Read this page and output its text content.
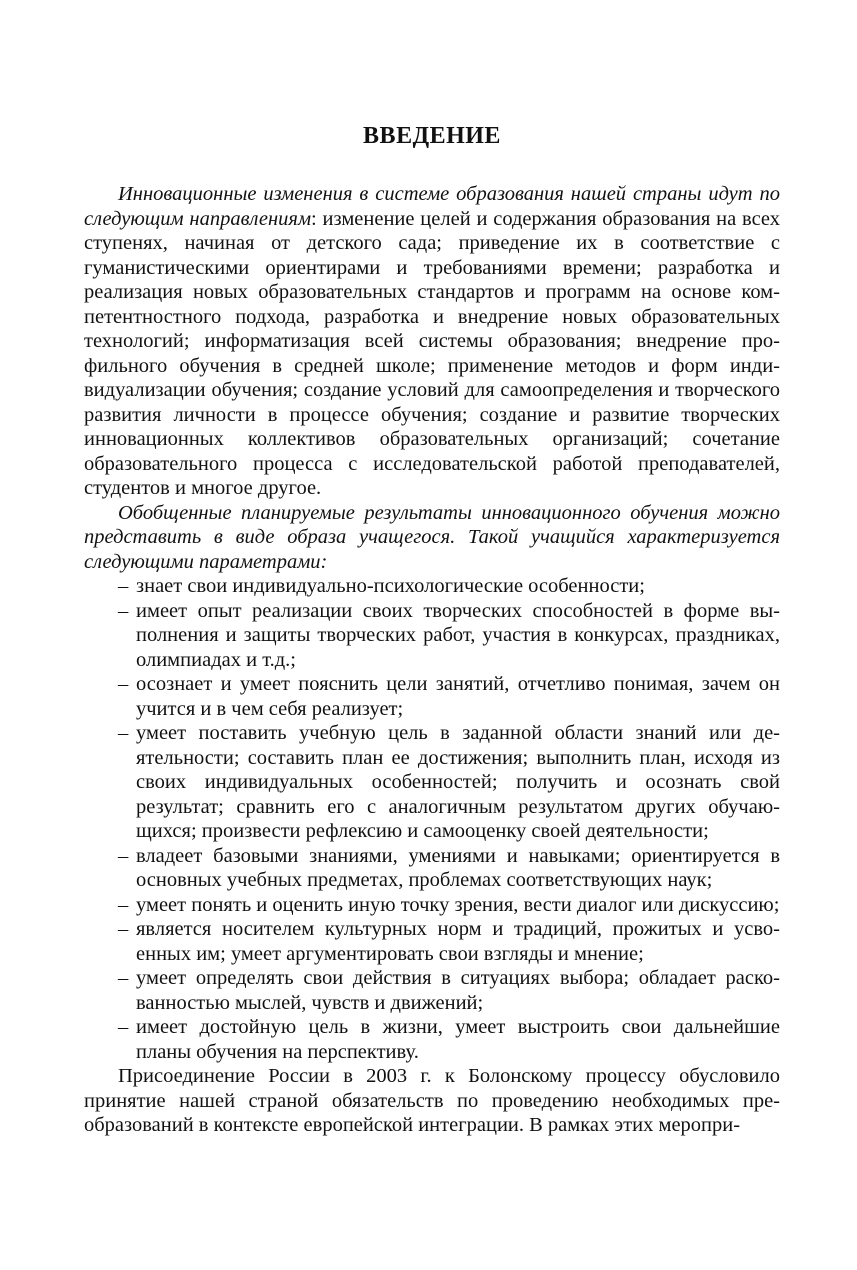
ВВЕДЕНИЕ

Инновационные изменения в системе образования нашей страны идут по следующим направлениям: изменение целей и содержания образования на всех ступенях, начиная от детского сада; приведение их в соответствие с гуманистическими ориентирами и требованиями времени; разработка и реализация новых образовательных стандартов и программ на основе компетентностного подхода, разработка и внедрение новых образовательных технологий; информатизация всей системы образования; внедрение профильного обучения в средней школе; применение методов и форм индивидуализации обучения; создание условий для самоопределения и творческого развития личности в процессе обучения; создание и развитие творческих инновационных коллективов образовательных организаций; сочетание образовательного процесса с исследовательской работой преподавателей, студентов и многое другое.

Обобщенные планируемые результаты инновационного обучения можно представить в виде образа учащегося. Такой учащийся характеризуется следующими параметрами:

– знает свои индивидуально-психологические особенности;
– имеет опыт реализации своих творческих способностей в форме выполнения и защиты творческих работ, участия в конкурсах, праздниках, олимпиадах и т.д.;
– осознает и умеет пояснить цели занятий, отчетливо понимая, зачем он учится и в чем себя реализует;
– умеет поставить учебную цель в заданной области знаний или деятельности; составить план ее достижения; выполнить план, исходя из своих индивидуальных особенностей; получить и осознать свой результат; сравнить его с аналогичным результатом других обучающихся; произвести рефлексию и самооценку своей деятельности;
– владеет базовыми знаниями, умениями и навыками; ориентируется в основных учебных предметах, проблемах соответствующих наук;
– умеет понять и оценить иную точку зрения, вести диалог или дискуссию;
– является носителем культурных норм и традиций, прожитых и усвоенных им; умеет аргументировать свои взгляды и мнение;
– умеет определять свои действия в ситуациях выбора; обладает раскованностью мыслей, чувств и движений;
– имеет достойную цель в жизни, умеет выстроить свои дальнейшие планы обучения на перспективу.

Присоединение России в 2003 г. к Болонскому процессу обусловило принятие нашей страной обязательств по проведению необходимых преобразований в контексте европейской интеграции. В рамках этих меропри-
